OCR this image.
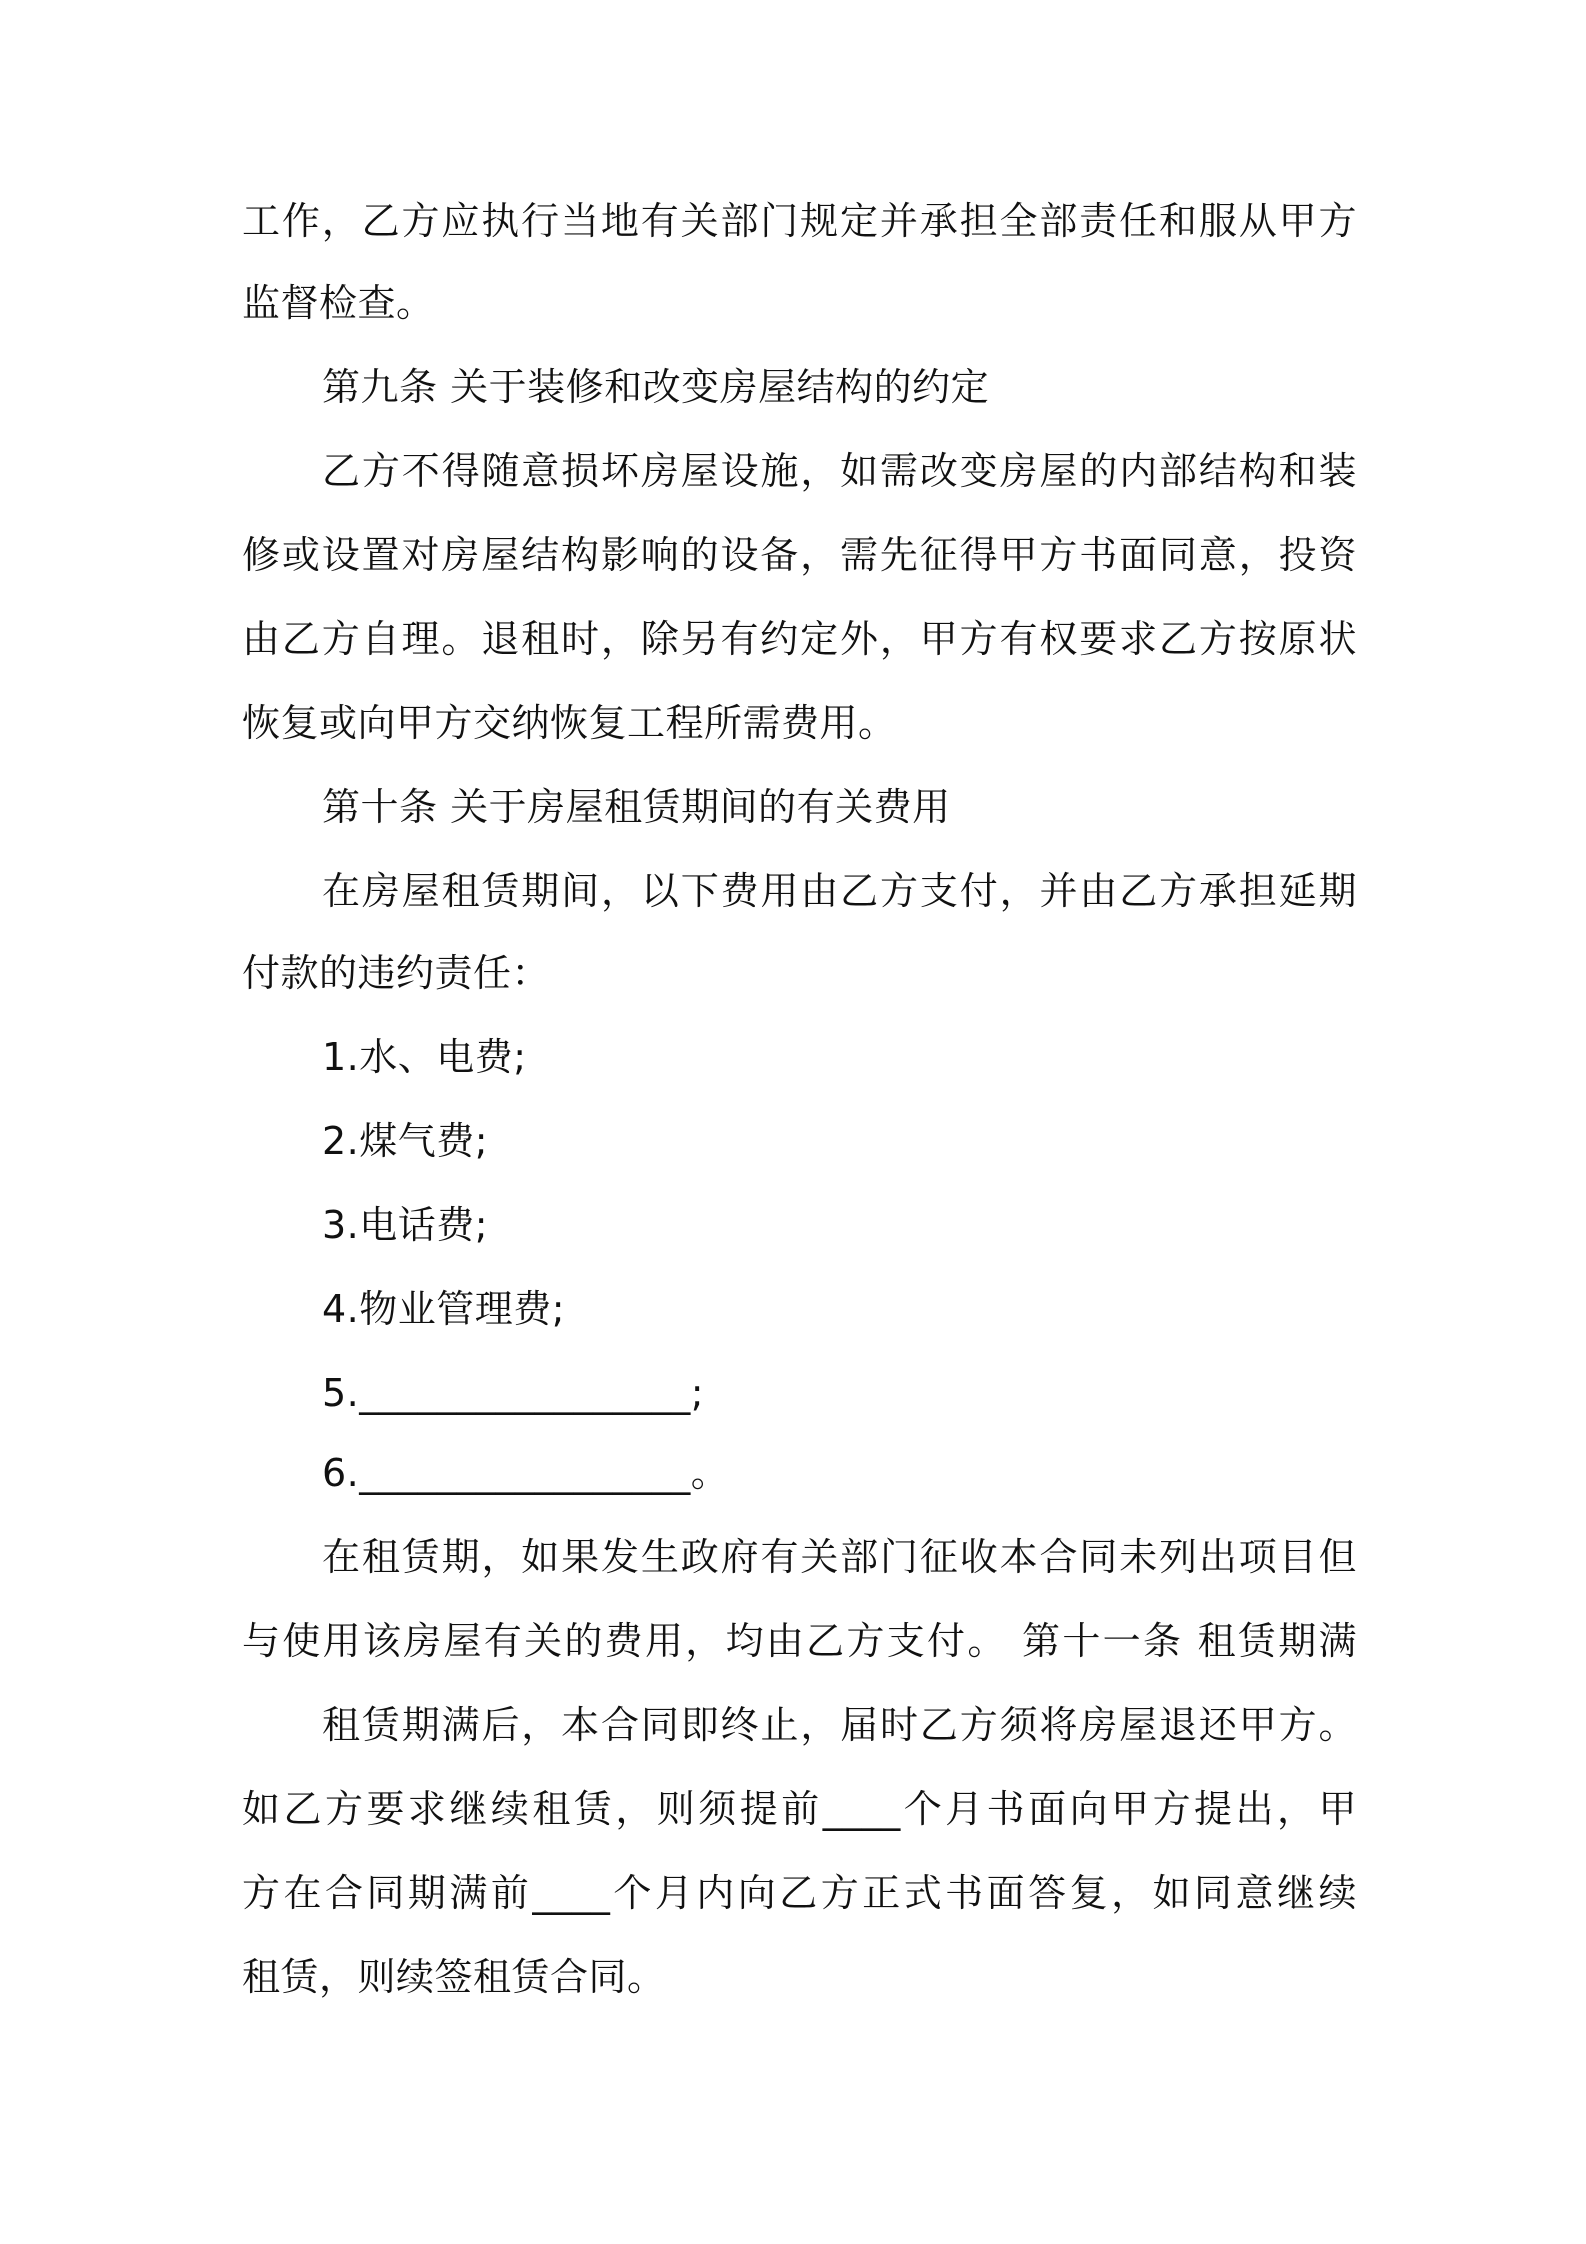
工作，乙方应执行当地有关部门规定并承担全部责任和服从甲方
监督检查。
第九条 关于装修和改变房屋结构的约定
乙方不得随意损坏房屋设施，如需改变房屋的内部结构和装
修或设置对房屋结构影响的设备，需先征得甲方书面同意，投资
由乙方自理。退租时，除另有约定外，甲方有权要求乙方按原状
恢复或向甲方交纳恢复工程所需费用。
第十条 关于房屋租赁期间的有关费用
在房屋租赁期间，以下费用由乙方支付，并由乙方承担延期
付款的违约责任：
1.水、电费;
2.煤气费;
3.电话费;
4.物业管理费;
5._________________;
6._________________。
在租赁期，如果发生政府有关部门征收本合同未列出项目但
与使用该房屋有关的费用，均由乙方支付。 第十一条 租赁期满
租赁期满后，本合同即终止，届时乙方须将房屋退还甲方。
如乙方要求继续租赁，则须提前____个月书面向甲方提出，甲
方在合同期满前____个月内向乙方正式书面答复，如同意继续
租赁，则续签租赁合同。
